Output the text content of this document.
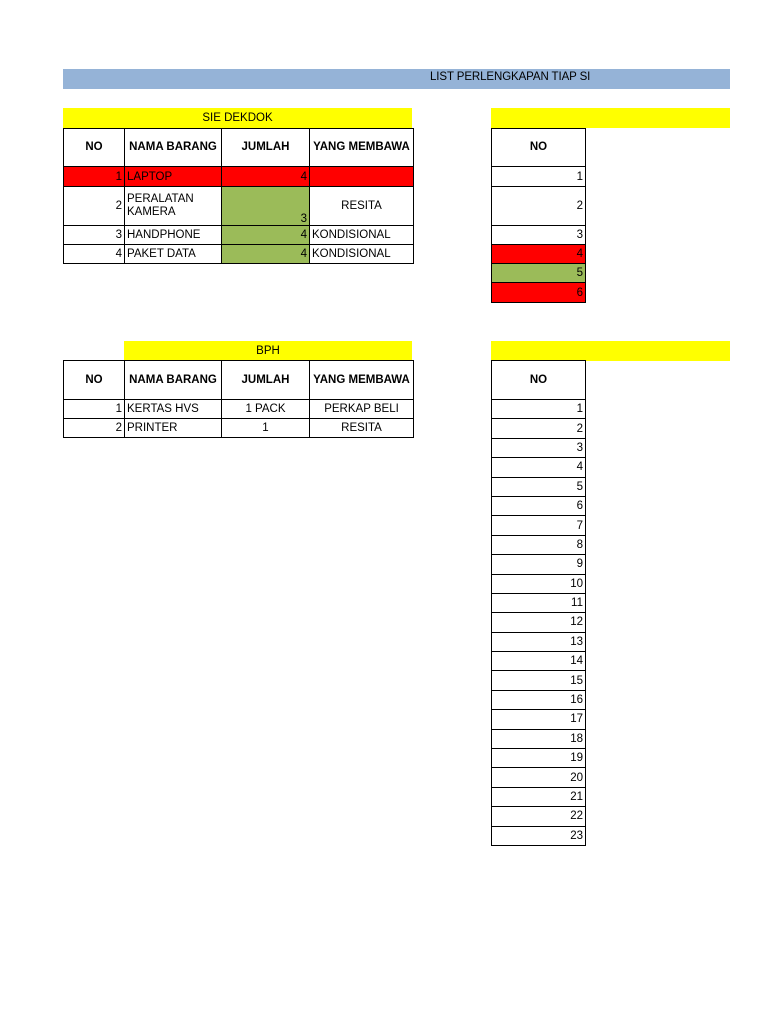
LIST PERLENGKAPAN TIAP SI
SIE DEKDOK
NO	NAMA BARANG	JUMLAH	YANG MEMBAWA
1	LAPTOP	4	
2	PERALATAN KAMERA	3	RESITA
3	HANDPHONE	4	KONDISIONAL
4	PAKET DATA	4	KONDISIONAL
NO
1
2
3
4
5
6
BPH
NO	NAMA BARANG	JUMLAH	YANG MEMBAWA
1	KERTAS HVS	1 PACK	PERKAP BELI
2	PRINTER	1	RESITA
NO
1
2
3
4
5
6
7
8
9
10
11
12
13
14
15
16
17
18
19
20
21
22
23
